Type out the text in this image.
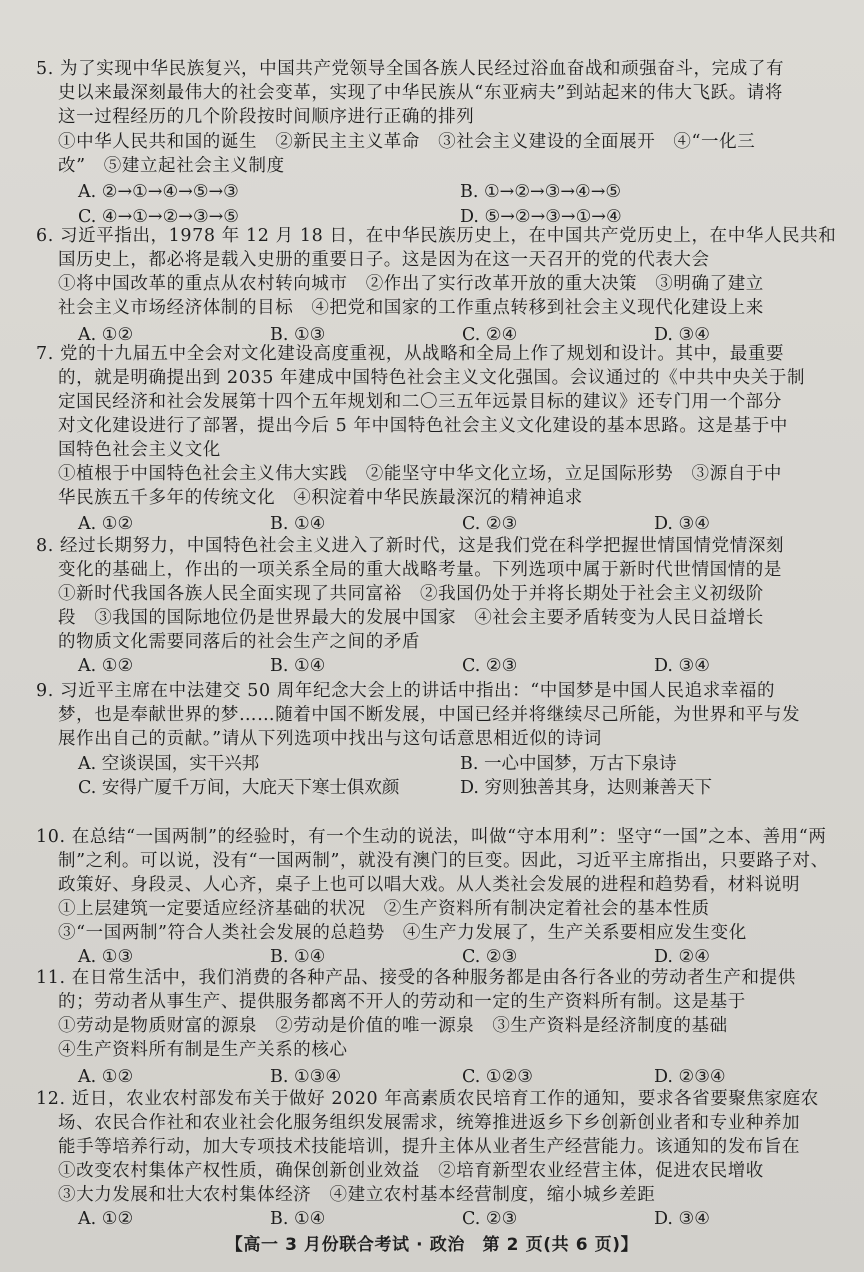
5. 为了实现中华民族复兴，中国共产党领导全国各族人民经过浴血奋战和顽强奋斗，完成了有
史以来最深刻最伟大的社会变革，实现了中华民族从“东亚病夫”到站起来的伟大飞跃。请将
这一过程经历的几个阶段按时间顺序进行正确的排列
①中华人民共和国的诞生　②新民主主义革命　③社会主义建设的全面展开　④“一化三
改”　⑤建立起社会主义制度
A. ②→①→④→⑤→③	B. ①→②→③→④→⑤
C. ④→①→②→③→⑤	D. ⑤→②→③→①→④
6. 习近平指出，1978 年 12 月 18 日，在中华民族历史上，在中国共产党历史上，在中华人民共和
国历史上，都必将是载入史册的重要日子。这是因为在这一天召开的党的代表大会
①将中国改革的重点从农村转向城市　②作出了实行改革开放的重大决策　③明确了建立
社会主义市场经济体制的目标　④把党和国家的工作重点转移到社会主义现代化建设上来
A. ①②	B. ①③	C. ②④	D. ③④
7. 党的十九届五中全会对文化建设高度重视，从战略和全局上作了规划和设计。其中，最重要
的，就是明确提出到 2035 年建成中国特色社会主义文化强国。会议通过的《中共中央关于制
定国民经济和社会发展第十四个五年规划和二〇三五年远景目标的建议》还专门用一个部分
对文化建设进行了部署，提出今后 5 年中国特色社会主义文化建设的基本思路。这是基于中
国特色社会主义文化
①植根于中国特色社会主义伟大实践　②能坚守中华文化立场，立足国际形势　③源自于中
华民族五千多年的传统文化　④积淀着中华民族最深沉的精神追求
A. ①②	B. ①④	C. ②③	D. ③④
8. 经过长期努力，中国特色社会主义进入了新时代，这是我们党在科学把握世情国情党情深刻
变化的基础上，作出的一项关系全局的重大战略考量。下列选项中属于新时代世情国情的是
①新时代我国各族人民全面实现了共同富裕　②我国仍处于并将长期处于社会主义初级阶
段　③我国的国际地位仍是世界最大的发展中国家　④社会主要矛盾转变为人民日益增长
的物质文化需要同落后的社会生产之间的矛盾
A. ①②	B. ①④	C. ②③	D. ③④
9. 习近平主席在中法建交 50 周年纪念大会上的讲话中指出：“中国梦是中国人民追求幸福的
梦，也是奉献世界的梦……随着中国不断发展，中国已经并将继续尽己所能，为世界和平与发
展作出自己的贡献。”请从下列选项中找出与这句话意思相近似的诗词
A. 空谈误国，实干兴邦	B. 一心中国梦，万古下泉诗
C. 安得广厦千万间，大庇天下寒士俱欢颜	D. 穷则独善其身，达则兼善天下
10. 在总结“一国两制”的经验时，有一个生动的说法，叫做“守本用利”：坚守“一国”之本、善用“两
制”之利。可以说，没有“一国两制”，就没有澳门的巨变。因此，习近平主席指出，只要路子对、
政策好、身段灵、人心齐，桌子上也可以唱大戏。从人类社会发展的进程和趋势看，材料说明
①上层建筑一定要适应经济基础的状况　②生产资料所有制决定着社会的基本性质
③“一国两制”符合人类社会发展的总趋势　④生产力发展了，生产关系要相应发生变化
A. ①③	B. ①④	C. ②③	D. ②④
11. 在日常生活中，我们消费的各种产品、接受的各种服务都是由各行各业的劳动者生产和提供
的；劳动者从事生产、提供服务都离不开人的劳动和一定的生产资料所有制。这是基于
①劳动是物质财富的源泉　②劳动是价值的唯一源泉　③生产资料是经济制度的基础
④生产资料所有制是生产关系的核心
A. ①②	B. ①③④	C. ①②③	D. ②③④
12. 近日，农业农村部发布关于做好 2020 年高素质农民培育工作的通知，要求各省要聚焦家庭农
场、农民合作社和农业社会化服务组织发展需求，统筹推进返乡下乡创新创业者和专业种养加
能手等培养行动，加大专项技术技能培训，提升主体从业者生产经营能力。该通知的发布旨在
①改变农村集体产权性质，确保创新创业效益　②培育新型农业经营主体，促进农民增收
③大力发展和壮大农村集体经济　④建立农村基本经营制度，缩小城乡差距
A. ①②	B. ①④	C. ②③	D. ③④
【高一 3 月份联合考试 · 政治　第 2 页(共 6 页)】
